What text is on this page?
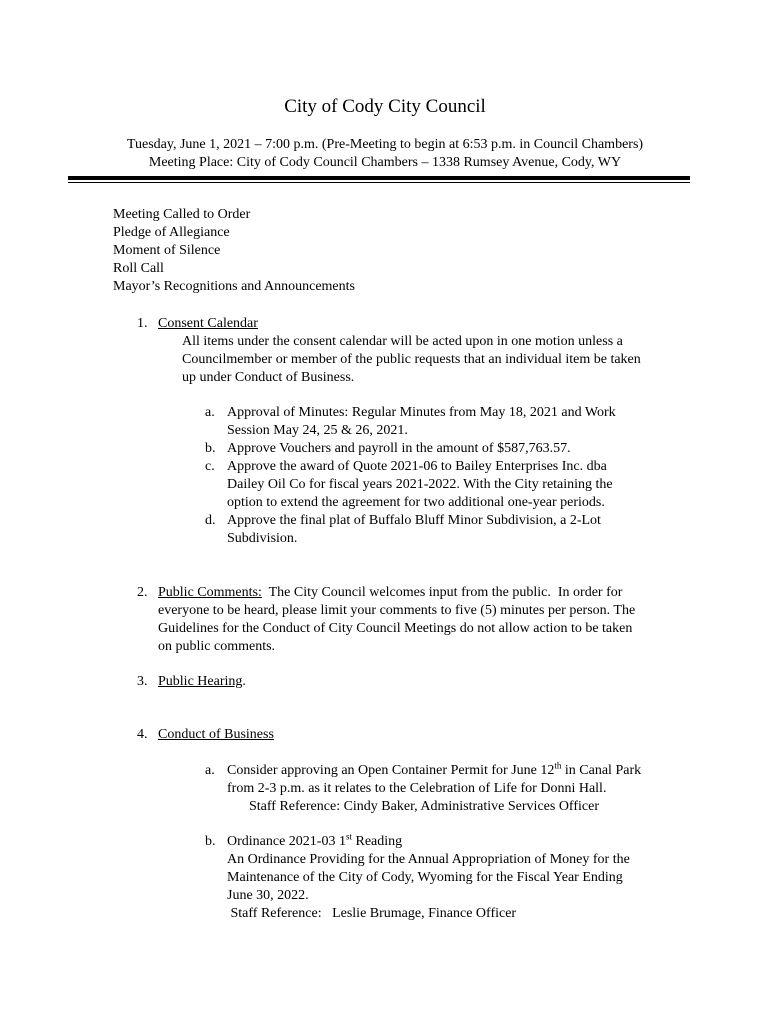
City of Cody City Council
Tuesday, June 1, 2021 – 7:00 p.m. (Pre-Meeting to begin at 6:53 p.m. in Council Chambers)
Meeting Place: City of Cody Council Chambers – 1338 Rumsey Avenue, Cody, WY
Meeting Called to Order
Pledge of Allegiance
Moment of Silence
Roll Call
Mayor’s Recognitions and Announcements
1. Consent Calendar
All items under the consent calendar will be acted upon in one motion unless a
Councilmember or member of the public requests that an individual item be taken
up under Conduct of Business.
a. Approval of Minutes: Regular Minutes from May 18, 2021 and Work
Session May 24, 25 & 26, 2021.
b. Approve Vouchers and payroll in the amount of $587,763.57.
c. Approve the award of Quote 2021-06 to Bailey Enterprises Inc. dba
Dailey Oil Co for fiscal years 2021-2022. With the City retaining the
option to extend the agreement for two additional one-year periods.
d. Approve the final plat of Buffalo Bluff Minor Subdivision, a 2-Lot
Subdivision.
2. Public Comments:  The City Council welcomes input from the public.  In order for
everyone to be heard, please limit your comments to five (5) minutes per person. The
Guidelines for the Conduct of City Council Meetings do not allow action to be taken
on public comments.
3. Public Hearing.
4. Conduct of Business
a. Consider approving an Open Container Permit for June 12th in Canal Park
from 2-3 p.m. as it relates to the Celebration of Life for Donni Hall.
Staff Reference: Cindy Baker, Administrative Services Officer
b. Ordinance 2021-03 1st Reading
An Ordinance Providing for the Annual Appropriation of Money for the
Maintenance of the City of Cody, Wyoming for the Fiscal Year Ending
June 30, 2022.
Staff Reference:   Leslie Brumage, Finance Officer
